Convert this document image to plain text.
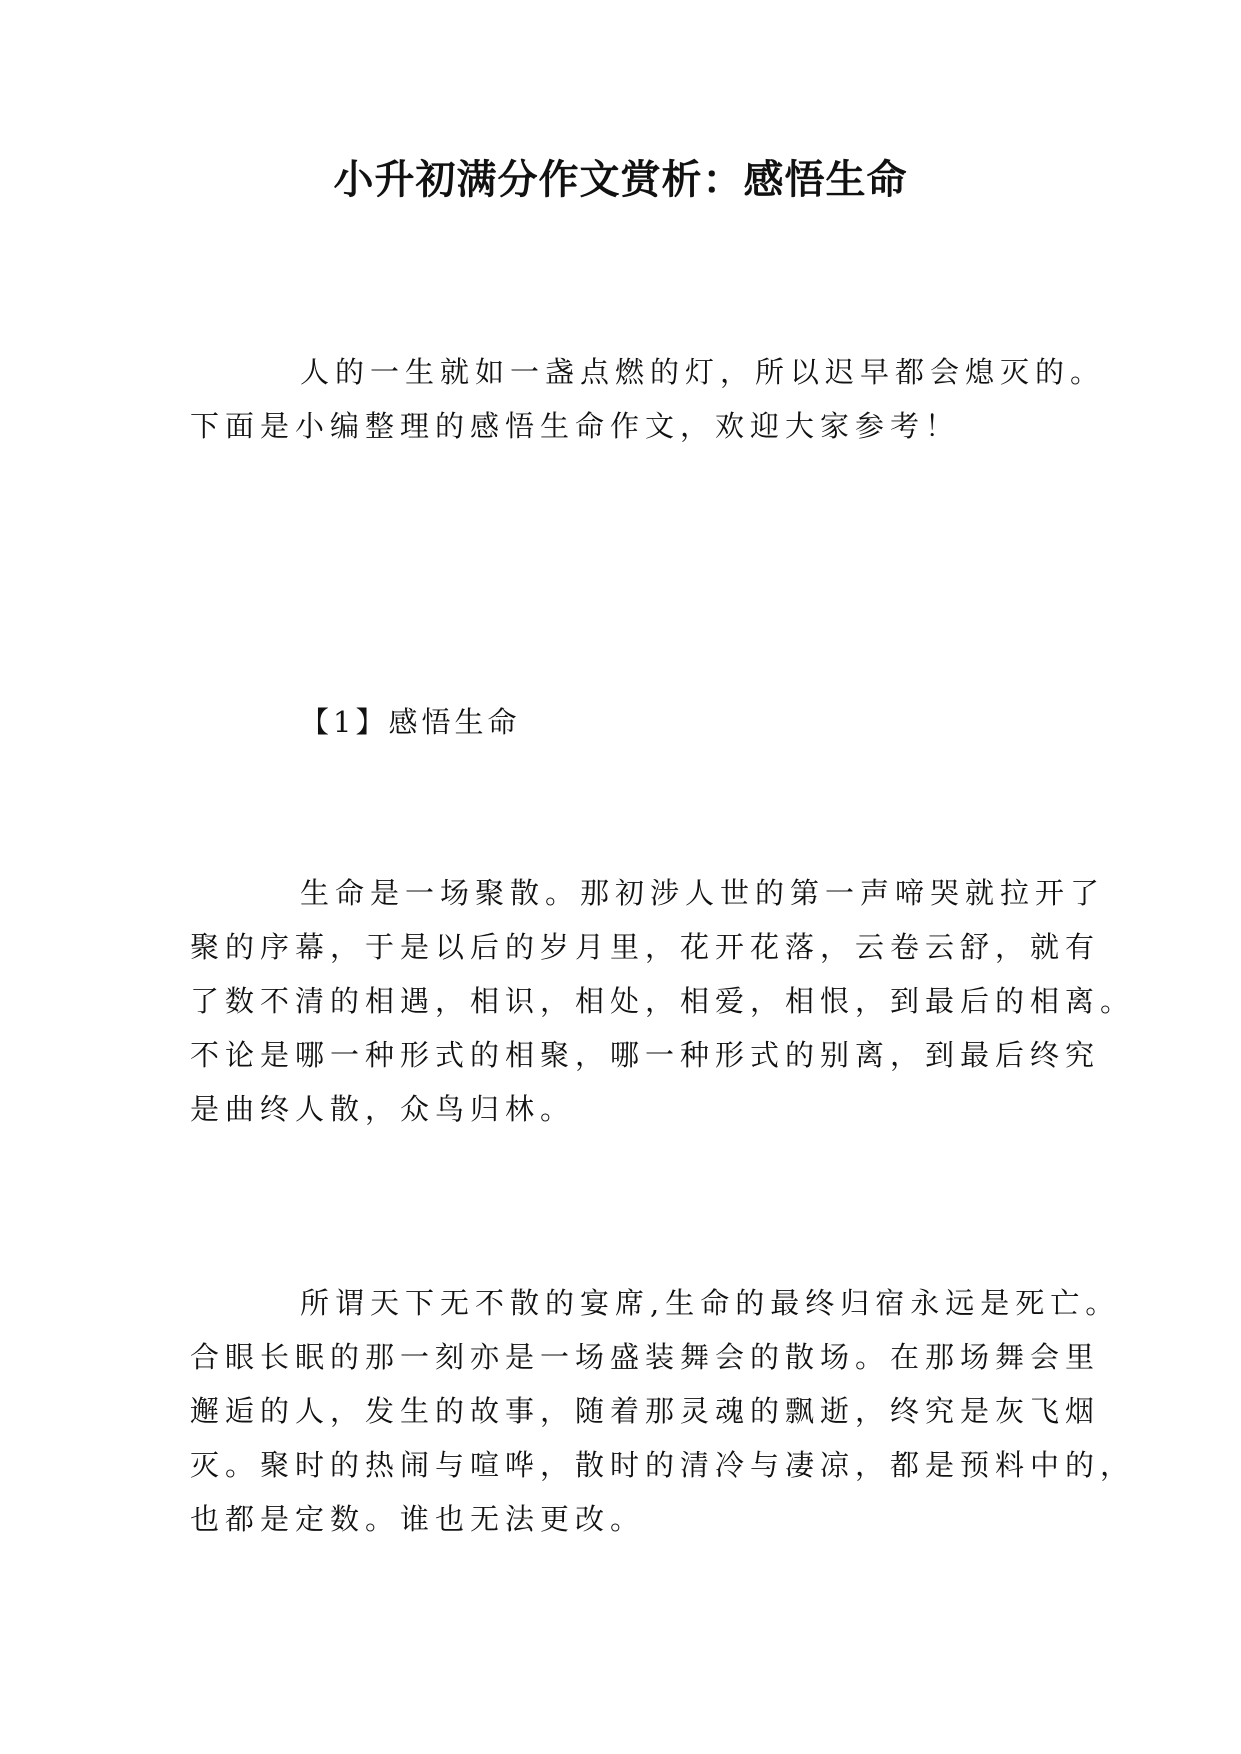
小升初满分作文赏析：感悟生命
人的一生就如一盏点燃的灯，所以迟早都会熄灭的。
下面是小编整理的感悟生命作文，欢迎大家参考！
【1】感悟生命
生命是一场聚散。那初涉人世的第一声啼哭就拉开了
聚的序幕，于是以后的岁月里，花开花落，云卷云舒，就有
了数不清的相遇，相识，相处，相爱，相恨，到最后的相离。
不论是哪一种形式的相聚，哪一种形式的别离，到最后终究
是曲终人散，众鸟归林。
所谓天下无不散的宴席,生命的最终归宿永远是死亡。
合眼长眠的那一刻亦是一场盛装舞会的散场。在那场舞会里
邂逅的人，发生的故事，随着那灵魂的飘逝，终究是灰飞烟
灭。聚时的热闹与喧哗，散时的清冷与凄凉，都是预料中的，
也都是定数。谁也无法更改。
